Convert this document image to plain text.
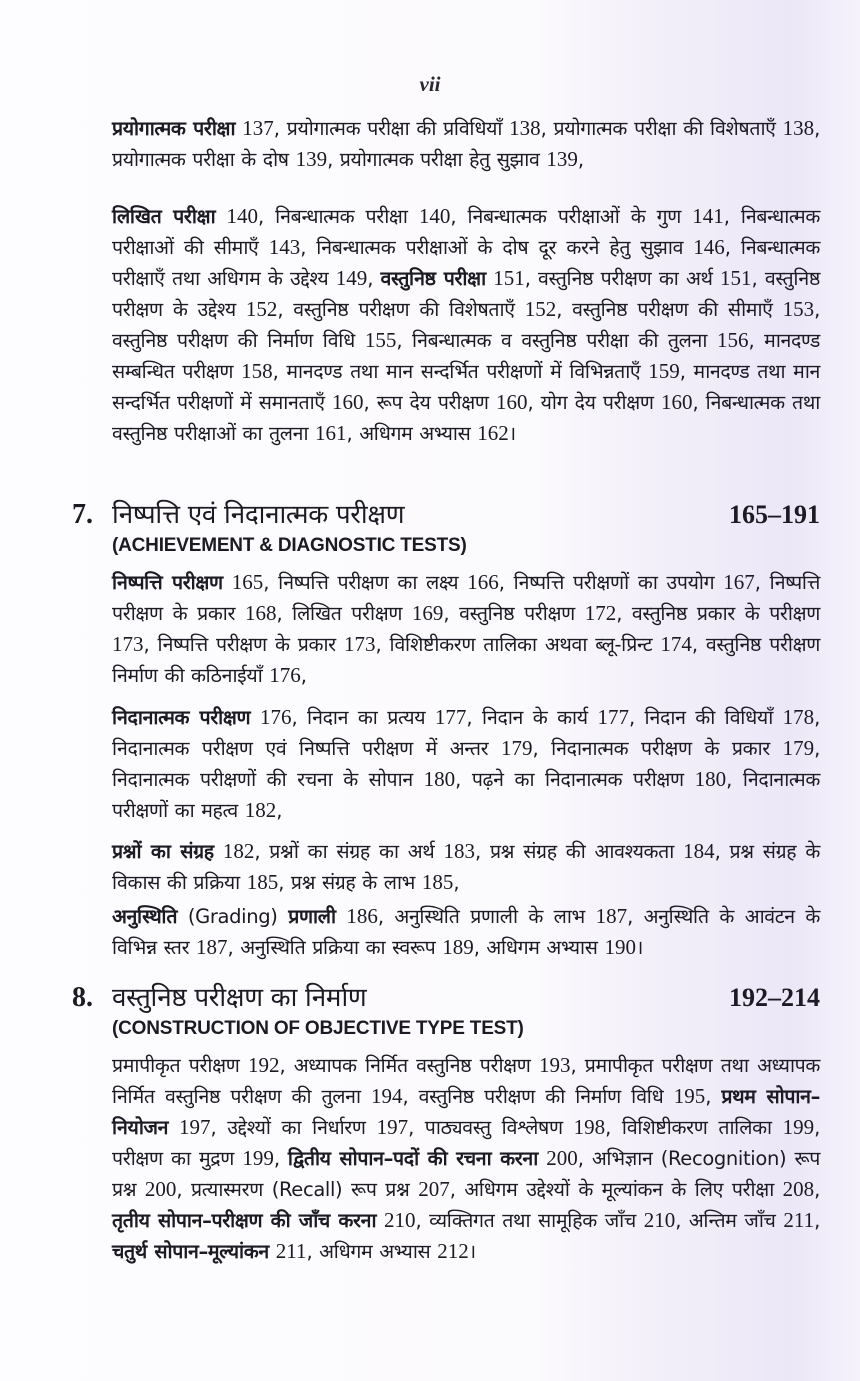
vii
प्रयोगात्मक परीक्षा 137, प्रयोगात्मक परीक्षा की प्रविधियाँ 138, प्रयोगात्मक परीक्षा की विशेषताएँ 138, प्रयोगात्मक परीक्षा के दोष 139, प्रयोगात्मक परीक्षा हेतु सुझाव 139,
लिखित परीक्षा 140, निबन्धात्मक परीक्षा 140, निबन्धात्मक परीक्षाओं के गुण 141, निबन्धात्मक परीक्षाओं की सीमाएँ 143, निबन्धात्मक परीक्षाओं के दोष दूर करने हेतु सुझाव 146, निबन्धात्मक परीक्षाएँ तथा अधिगम के उद्देश्य 149, वस्तुनिष्ठ परीक्षा 151, वस्तुनिष्ठ परीक्षण का अर्थ 151, वस्तुनिष्ठ परीक्षण के उद्देश्य 152, वस्तुनिष्ठ परीक्षण की विशेषताएँ 152, वस्तुनिष्ठ परीक्षण की सीमाएँ 153, वस्तुनिष्ठ परीक्षण की निर्माण विधि 155, निबन्धात्मक व वस्तुनिष्ठ परीक्षा की तुलना 156, मानदण्ड सम्बन्धित परीक्षण 158, मानदण्ड तथा मान सन्दर्भित परीक्षणों में विभिन्नताएँ 159, मानदण्ड तथा मान सन्दर्भित परीक्षणों में समानताएँ 160, रूप देय परीक्षण 160, योग देय परीक्षण 160, निबन्धात्मक तथा वस्तुनिष्ठ परीक्षाओं का तुलना 161, अधिगम अभ्यास 162।
7. निष्पत्ति एवं निदानात्मक परीक्षण	165–191
(ACHIEVEMENT & DIAGNOSTIC TESTS)
निष्पत्ति परीक्षण 165, निष्पत्ति परीक्षण का लक्ष्य 166, निष्पत्ति परीक्षणों का उपयोग 167, निष्पत्ति परीक्षण के प्रकार 168, लिखित परीक्षण 169, वस्तुनिष्ठ परीक्षण 172, वस्तुनिष्ठ प्रकार के परीक्षण 173, निष्पत्ति परीक्षण के प्रकार 173, विशिष्टीकरण तालिका अथवा ब्लू-प्रिन्ट 174, वस्तुनिष्ठ परीक्षण निर्माण की कठिनाईयाँ 176,
निदानात्मक परीक्षण 176, निदान का प्रत्यय 177, निदान के कार्य 177, निदान की विधियाँ 178, निदानात्मक परीक्षण एवं निष्पत्ति परीक्षण में अन्तर 179, निदानात्मक परीक्षण के प्रकार 179, निदानात्मक परीक्षणों की रचना के सोपान 180, पढ़ने का निदानात्मक परीक्षण 180, निदानात्मक परीक्षणों का महत्व 182,
प्रश्नों का संग्रह 182, प्रश्नों का संग्रह का अर्थ 183, प्रश्न संग्रह की आवश्यकता 184, प्रश्न संग्रह के विकास की प्रक्रिया 185, प्रश्न संग्रह के लाभ 185,
अनुस्थिति (Grading) प्रणाली 186, अनुस्थिति प्रणाली के लाभ 187, अनुस्थिति के आवंटन के विभिन्न स्तर 187, अनुस्थिति प्रक्रिया का स्वरूप 189, अधिगम अभ्यास 190।
8. वस्तुनिष्ठ परीक्षण का निर्माण	192–214
(CONSTRUCTION OF OBJECTIVE TYPE TEST)
प्रमापीकृत परीक्षण 192, अध्यापक निर्मित वस्तुनिष्ठ परीक्षण 193, प्रमापीकृत परीक्षण तथा अध्यापक निर्मित वस्तुनिष्ठ परीक्षण की तुलना 194, वस्तुनिष्ठ परीक्षण की निर्माण विधि 195, प्रथम सोपान–नियोजन 197, उद्देश्यों का निर्धारण 197, पाठ्यवस्तु विश्लेषण 198, विशिष्टीकरण तालिका 199, परीक्षण का मुद्रण 199, द्वितीय सोपान–पदों की रचना करना 200, अभिज्ञान (Recognition) रूप प्रश्न 200, प्रत्यास्मरण (Recall) रूप प्रश्न 207, अधिगम उद्देश्यों के मूल्यांकन के लिए परीक्षा 208, तृतीय सोपान–परीक्षण की जाँच करना 210, व्यक्तिगत तथा सामूहिक जाँच 210, अन्तिम जाँच 211, चतुर्थ सोपान–मूल्यांकन 211, अधिगम अभ्यास 212।
